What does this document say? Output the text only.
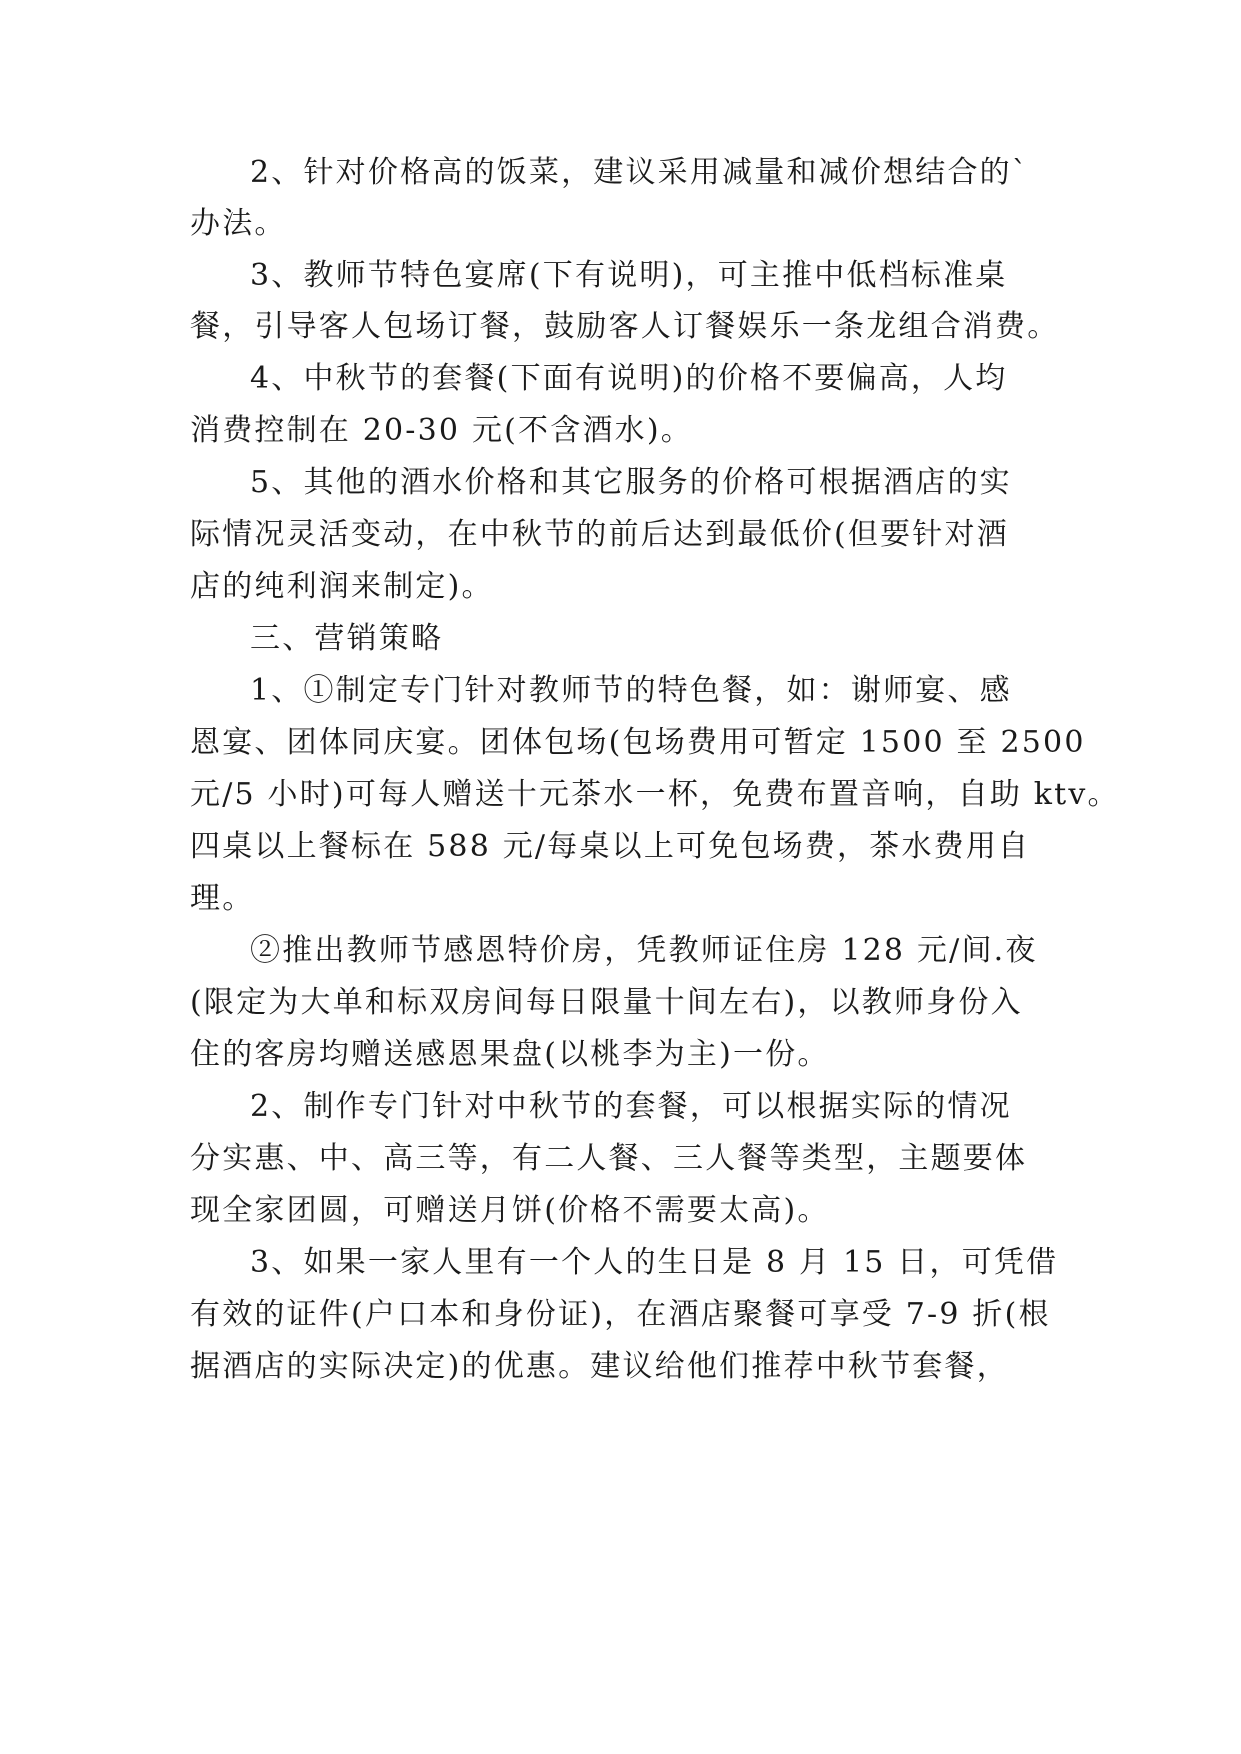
2、针对价格高的饭菜，建议采用减量和减价想结合的`
办法。
3、教师节特色宴席(下有说明)，可主推中低档标准桌
餐，引导客人包场订餐，鼓励客人订餐娱乐一条龙组合消费。
4、中秋节的套餐(下面有说明)的价格不要偏高，人均
消费控制在 20-30 元(不含酒水)。
5、其他的酒水价格和其它服务的价格可根据酒店的实
际情况灵活变动，在中秋节的前后达到最低价(但要针对酒
店的纯利润来制定)。
三、营销策略
1、①制定专门针对教师节的特色餐，如：谢师宴、感
恩宴、团体同庆宴。团体包场(包场费用可暂定 1500 至 2500
元/5 小时)可每人赠送十元茶水一杯，免费布置音响，自助 ktv。
四桌以上餐标在 588 元/每桌以上可免包场费，茶水费用自
理。
②推出教师节感恩特价房，凭教师证住房 128 元/间.夜
(限定为大单和标双房间每日限量十间左右)，以教师身份入
住的客房均赠送感恩果盘(以桃李为主)一份。
2、制作专门针对中秋节的套餐，可以根据实际的情况
分实惠、中、高三等，有二人餐、三人餐等类型，主题要体
现全家团圆，可赠送月饼(价格不需要太高)。
3、如果一家人里有一个人的生日是 8 月 15 日，可凭借
有效的证件(户口本和身份证)，在酒店聚餐可享受 7-9 折(根
据酒店的实际决定)的优惠。建议给他们推荐中秋节套餐，
